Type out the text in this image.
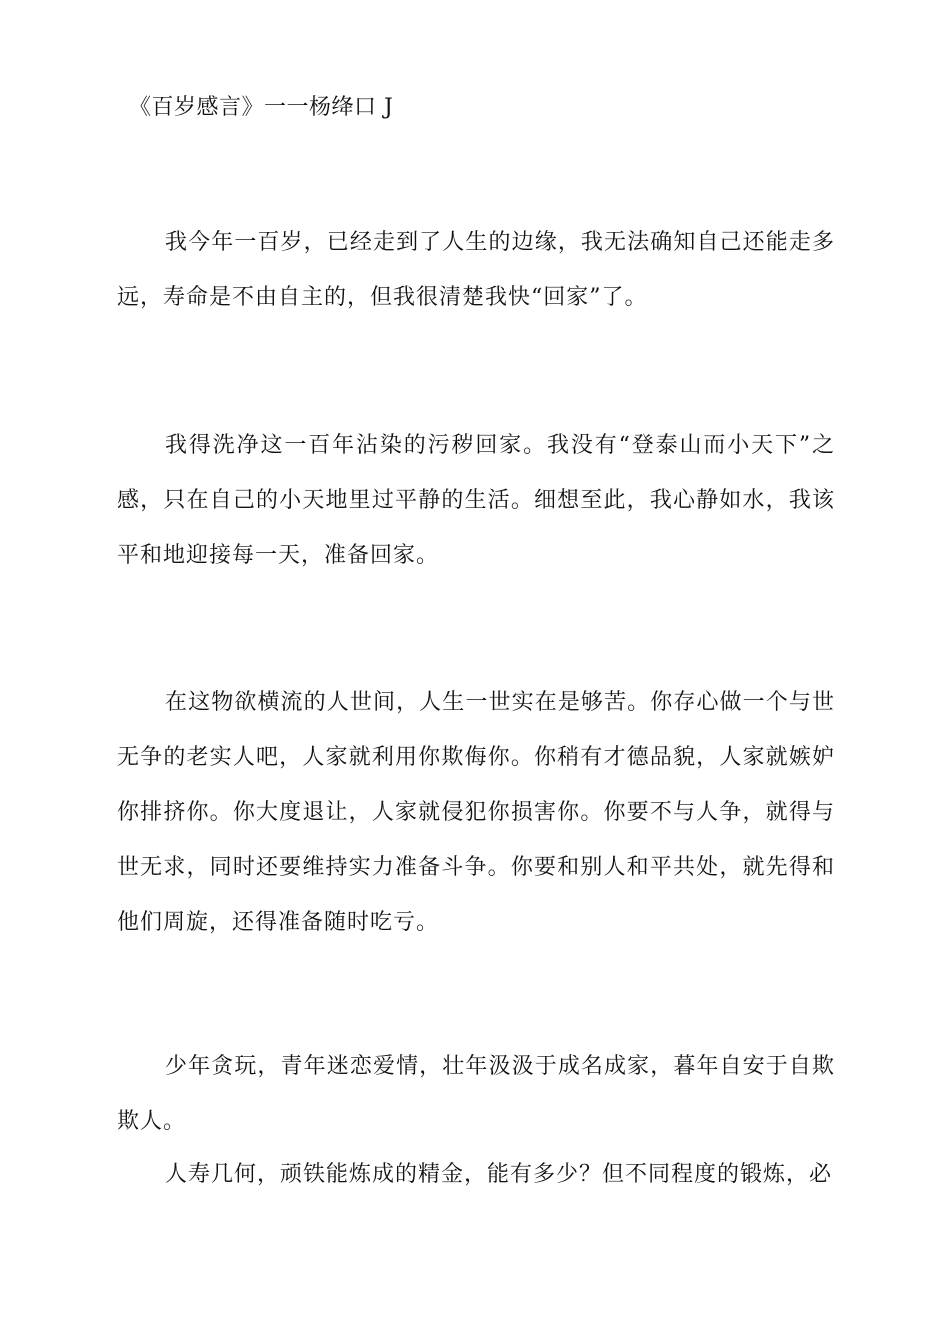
《百岁感言》一一杨绛口 J

我今年一百岁，已经走到了人生的边缘，我无法确知自己还能走多远，寿命是不由自主的，但我很清楚我快“回家”了。

我得洗净这一百年沾染的污秽回家。我没有“登泰山而小天下”之感，只在自己的小天地里过平静的生活。细想至此，我心静如水，我该平和地迎接每一天，准备回家。

在这物欲横流的人世间，人生一世实在是够苦。你存心做一个与世无争的老实人吧，人家就利用你欺侮你。你稍有才德品貌，人家就嫉妒你排挤你。你大度退让，人家就侵犯你损害你。你要不与人争，就得与世无求，同时还要维持实力准备斗争。你要和别人和平共处，就先得和他们周旋，还得准备随时吃亏。

少年贪玩，青年迷恋爱情，壮年汲汲于成名成家，暮年自安于自欺欺人。

人寿几何，顽铁能炼成的精金，能有多少？但不同程度的锻炼，必
